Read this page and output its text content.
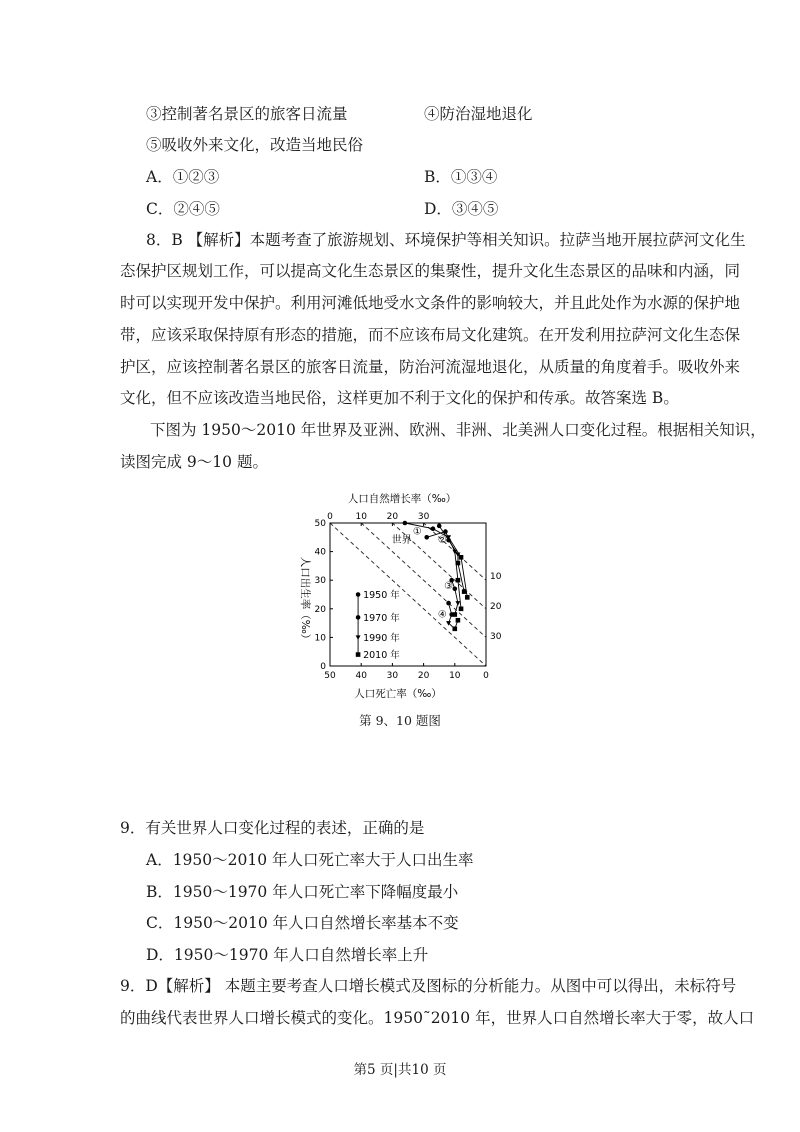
③控制著名景区的旅客日流量	④防治湿地退化
⑤吸收外来文化，改造当地民俗
A．①②③	B．①③④
C．②④⑤	D．③④⑤
8．B 【解析】本题考查了旅游规划、环境保护等相关知识。拉萨当地开展拉萨河文化生
态保护区规划工作，可以提高文化生态景区的集聚性，提升文化生态景区的品味和内涵，同
时可以实现开发中保护。利用河滩低地受水文条件的影响较大，并且此处作为水源的保护地
带，应该采取保持原有形态的措施，而不应该布局文化建筑。在开发利用拉萨河文化生态保
护区，应该控制著名景区的旅客日流量，防治河流湿地退化，从质量的角度着手。吸收外来
文化，但不应该改造当地民俗，这样更加不利于文化的保护和传承。故答案选 B。
下图为 1950～2010 年世界及亚洲、欧洲、非洲、北美洲人口变化过程。根据相关知识，
读图完成 9～10 题。
50 40 30 20 10	0
人口死亡率（‰）
0	10 20 30
人口自然增长率（‰）
0
10
20
30
40
50
人口出生率（‰）	30
20
10
①
②
③
④
世界
1950 年
1970 年
1990 年
2010 年
第 9、10 题图
9．有关世界人口变化过程的表述，正确的是
A．1950～2010 年人口死亡率大于人口出生率
B．1950～1970 年人口死亡率下降幅度最小
C．1950～2010 年人口自然增长率基本不变
D．1950～1970 年人口自然增长率上升
9．D【解析】 本题主要考查人口增长模式及图标的分析能力。从图中可以得出，未标符号
的曲线代表世界人口增长模式的变化。1950˜2010 年，世界人口自然增长率大于零，故人口
第5 页|共10 页
